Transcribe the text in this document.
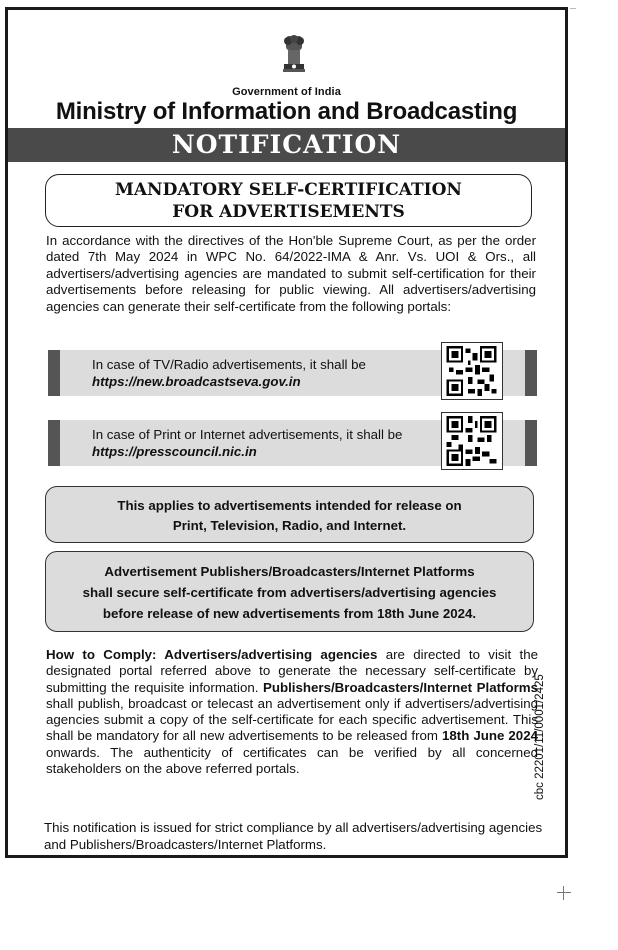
Government of India
Ministry of Information and Broadcasting
NOTIFICATION
MANDATORY SELF-CERTIFICATION
FOR ADVERTISEMENTS
In accordance with the directives of the Hon'ble Supreme Court, as per the order dated 7th May 2024 in WPC No. 64/2022-IMA & Anr. Vs. UOI & Ors., all advertisers/advertising agencies are mandated to submit self-certification for their advertisements before releasing for public viewing. All advertisers/advertising agencies can generate their self-certificate from the following portals:
In case of TV/Radio advertisements, it shall be
https://new.broadcastseva.gov.in
In case of Print or Internet advertisements, it shall be
https://presscouncil.nic.in
This applies to advertisements intended for release on
Print, Television, Radio, and Internet.
Advertisement Publishers/Broadcasters/Internet Platforms
shall secure self-certificate from advertisers/advertising agencies
before release of new advertisements from 18th June 2024.
How to Comply: Advertisers/advertising agencies are directed to visit the designated portal referred above to generate the necessary self-certificate by submitting the requisite information. Publishers/Broadcasters/Internet Platforms shall publish, broadcast or telecast an advertisement only if advertisers/advertising agencies submit a copy of the self-certificate for each specific advertisement. This shall be mandatory for all new advertisements to be released from 18th June 2024 onwards. The authenticity of certificates can be verified by all concerned stakeholders on the above referred portals.	cbc 22201/11/0001/2425
This notification is issued for strict compliance by all advertisers/advertising agencies and Publishers/Broadcasters/Internet Platforms.
